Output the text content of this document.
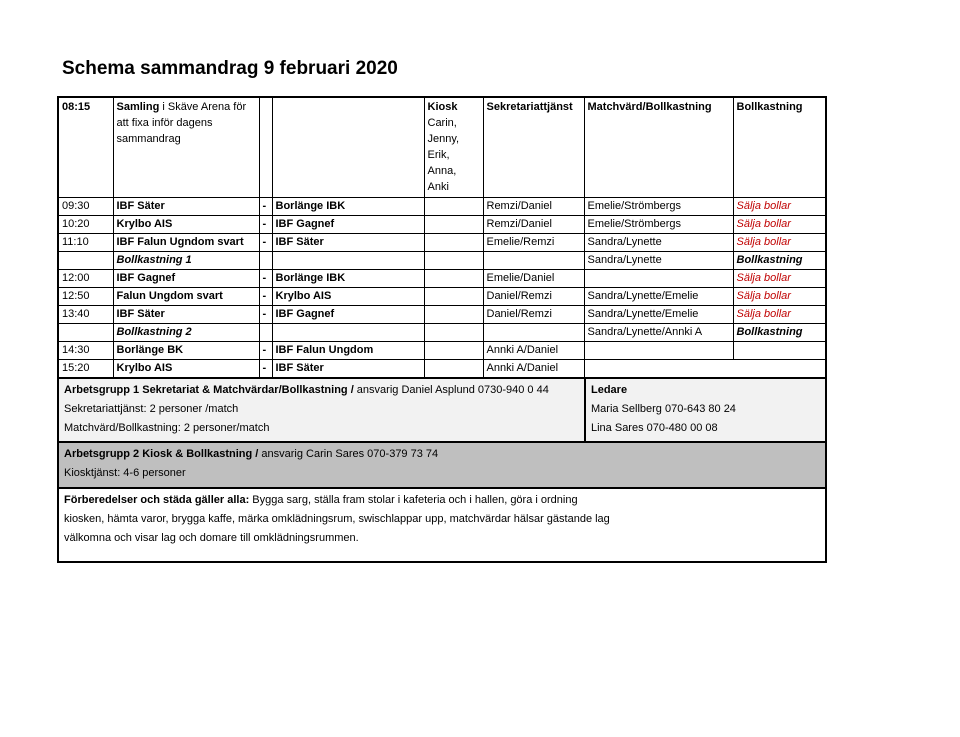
Schema sammandrag 9 februari 2020
08:15	Samling i Skäve Arena för att fixa inför dagens sammandrag			Kiosk Carin, Jenny, Erik, Anna, Anki	Sekretariattjänst	Matchvärd/Bollkastning	Bollkastning
09:30	IBF Säter	-	Borlänge IBK		Remzi/Daniel	Emelie/Strömbergs	Sälja bollar
10:20	Krylbo AIS	-	IBF Gagnef		Remzi/Daniel	Emelie/Strömbergs	Sälja bollar
11:10	IBF Falun Ugndom svart	-	IBF Säter		Emelie/Remzi	Sandra/Lynette	Sälja bollar
	Bollkastning 1					Sandra/Lynette	Bollkastning
12:00	IBF Gagnef	-	Borlänge IBK		Emelie/Daniel		Sälja bollar
12:50	Falun Ungdom svart	-	Krylbo AIS		Daniel/Remzi	Sandra/Lynette/Emelie	Sälja bollar
13:40	IBF Säter	-	IBF Gagnef		Daniel/Remzi	Sandra/Lynette/Emelie	Sälja bollar
	Bollkastning 2					Sandra/Lynette/Annki A	Bollkastning
14:30	Borlänge BK	-	IBF Falun Ungdom		Annki A/Daniel		
15:20	Krylbo AIS	-	IBF Säter		Annki A/Daniel		
Arbetsgrupp 1 Sekretariat & Matchvärdar/Bollkastning / ansvarig Daniel Asplund 0730-940 0 44
Sekretariattjänst: 2 personer /match
Matchvärd/Bollkastning: 2 personer/match
Ledare
Maria Sellberg 070-643 80 24
Lina Sares 070-480 00 08
Arbetsgrupp 2 Kiosk & Bollkastning / ansvarig Carin Sares 070-379 73 74
Kiosktjänst: 4-6 personer

Förberedelser och städa gäller alla: Bygga sarg, ställa fram stolar i kafeteria och i hallen, göra i ordning kiosken, hämta varor, brygga kaffe, märka omklädningsrum, swischlappar upp, matchvärdar hälsar gästande lag välkomna och visar lag och domare till omklädningsrummen.
